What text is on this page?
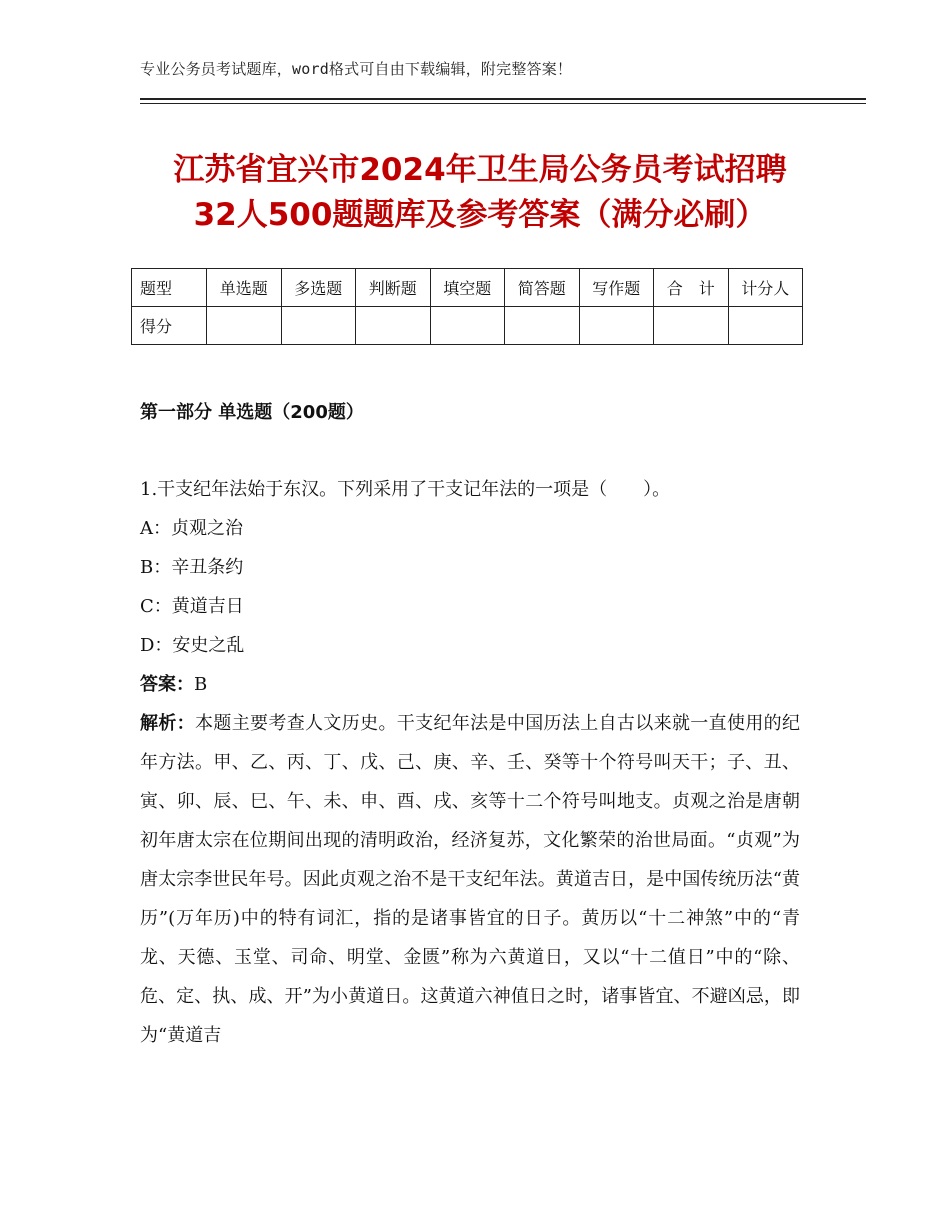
专业公务员考试题库，word格式可自由下载编辑，附完整答案！
江苏省宜兴市2024年卫生局公务员考试招聘
32人500题题库及参考答案（满分必刷）
题型	单选题	多选题	判断题	填空题	简答题	写作题	合　计	计分人
得分								
第一部分 单选题（200题）

1.干支纪年法始于东汉。下列采用了干支记年法的一项是（　　）。

A：贞观之治

B：辛丑条约

C：黄道吉日

D：安史之乱

答案：B

解析：本题主要考查人文历史。干支纪年法是中国历法上自古以来就一直使用的纪年方法。甲、乙、丙、丁、戊、己、庚、辛、壬、癸等十个符号叫天干；子、丑、寅、卯、辰、巳、午、未、申、酉、戌、亥等十二个符号叫地支。贞观之治是唐朝初年唐太宗在位期间出现的清明政治，经济复苏，文化繁荣的治世局面。“贞观”为唐太宗李世民年号。因此贞观之治不是干支纪年法。黄道吉日，是中国传统历法“黄历”(万年历)中的特有词汇，指的是诸事皆宜的日子。黄历以“十二神煞”中的“青龙、天德、玉堂、司命、明堂、金匮”称为六黄道日，又以“十二值日”中的“除、危、定、执、成、开”为小黄道日。这黄道六神值日之时，诸事皆宜、不避凶忌，即为“黄道吉
